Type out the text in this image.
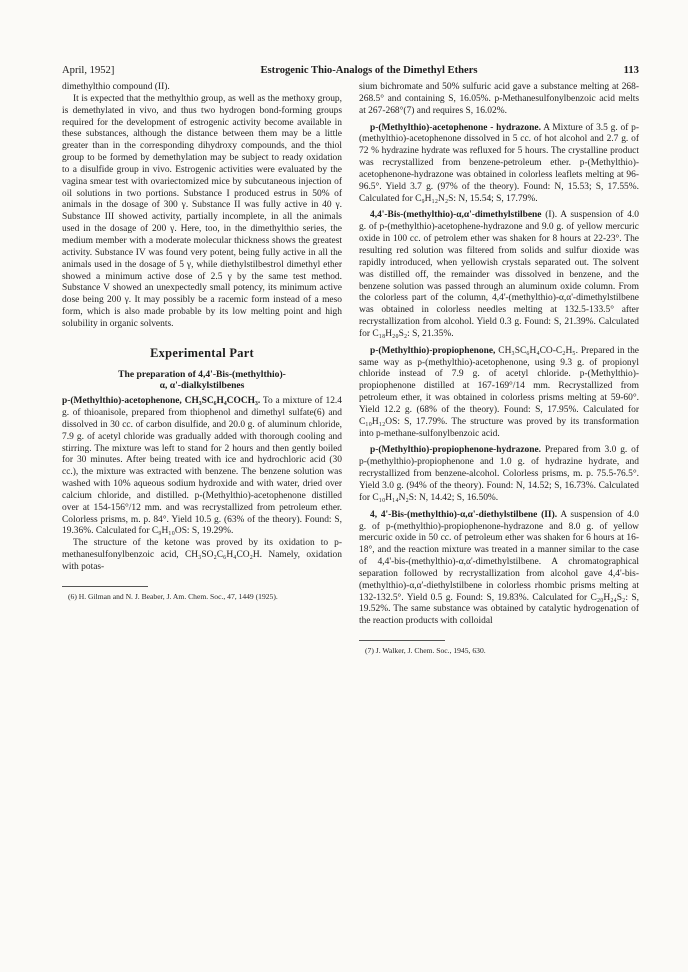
April, 1952]	Estrogenic Thio-Analogs of the Dimethyl Ethers	113

dimethylthio compound (II).

It is expected that the methylthio group, as well as the methoxy group, is demethylated in vivo, and thus two hydrogen bond-forming groups required for the development of estrogenic activity become available in these substances, although the distance between them may be a little greater than in the corresponding dihydroxy compounds, and the thiol group to be formed by demethylation may be subject to ready oxidation to a disulfide group in vivo. Estrogenic activities were evaluated by the vagina smear test with ovariectomized mice by subcutaneous injection of oil solutions in two portions. Substance I produced estrus in 50% of animals in the dosage of 300 γ. Substance II was fully active in 40 γ. Substance III showed activity, partially incomplete, in all the animals used in the dosage of 200 γ. Here, too, in the dimethylthio series, the medium member with a moderate molecular thickness shows the greatest activity. Substance IV was found very potent, being fully active in all the animals used in the dosage of 5 γ, while diethylstilbestrol dimethyl ether showed a minimum active dose of 2.5 γ by the same test method. Substance V showed an unexpectedly small potency, its minimum active dose being 200 γ. It may possibly be a racemic form instead of a meso form, which is also made probable by its low melting point and high solubility in organic solvents.

Experimental Part
The preparation of 4,4'-Bis-(methylthio)-
α, α'-dialkylstilbenes

p-(Methylthio)-acetophenone, CH₃SC₆H₄COCH₃. To a mixture of 12.4 g. of thioanisole, prepared from thiophenol and dimethyl sulfate(6) and dissolved in 30 cc. of carbon disulfide, and 20.0 g. of aluminum chloride, 7.9 g. of acetyl chloride was gradually added with thorough cooling and stirring. The mixture was left to stand for 2 hours and then gently boiled for 30 minutes. After being treated with ice and hydrochloric acid (30 cc.), the mixture was extracted with benzene. The benzene solution was washed with 10% aqueous sodium hydroxide and with water, dried over calcium chloride, and distilled. p-(Methylthio)-acetophenone distilled over at 154-156°/12 mm. and was recrystallized from petroleum ether. Colorless prisms, m. p. 84°. Yield 10.5 g. (63% of the theory). Found: S, 19.36%. Calculated for C₉H₁₀OS: S, 19.29%.

The structure of the ketone was proved by its oxidation to p-methanesulfonylbenzoic acid, CH₃SO₂C₆H₄CO₂H. Namely, oxidation with potas-

(6) H. Gilman and N. J. Beaber, J. Am. Chem. Soc., 47, 1449 (1925).

sium bichromate and 50% sulfuric acid gave a substance melting at 268-268.5° and containing S, 16.05%. p-Methanesulfonylbenzoic acid melts at 267-268°(7) and requires S, 16.02%.

p-(Methylthio)-acetophenone - hydrazone. A Mixture of 3.5 g. of p-(methylthio)-acetophenone dissolved in 5 cc. of hot alcohol and 2.7 g. of 72 % hydrazine hydrate was refluxed for 5 hours. The crystalline product was recrystallized from benzene-petroleum ether. p-(Methylthio)-acetophenone-hydrazone was obtained in colorless leaflets melting at 96-96.5°. Yield 3.7 g. (97% of the theory). Found: N, 15.53; S, 17.55%. Calculated for C₉H₁₂N₂S: N, 15.54; S, 17.79%.

4,4'-Bis-(methylthio)-α,α'-dimethylstilbene (I). A suspension of 4.0 g. of p-(methylthio)-acetophene-hydrazone and 9.0 g. of yellow mercuric oxide in 100 cc. of petrolem ether was shaken for 8 hours at 22-23°. The resulting red solution was filtered from solids and sulfur dioxide was rapidly introduced, when yellowish crystals separated out. The solvent was distilled off, the remainder was dissolved in benzene, and the benzene solution was passed through an aluminum oxide column. From the colorless part of the column, 4,4'-(methylthio)-α,α'-dimethylstilbene was obtained in colorless needles melting at 132.5-133.5° after recrystallization from alcohol. Yield 0.3 g. Found: S, 21.39%. Calculated for C₁₈H₂₀S₂: S, 21.35%.

p-(Methylthio)-propiophenone, CH₃SC₆H₄CO-C₂H₅. Prepared in the same way as p-(methylthio)-acetophenone, using 9.3 g. of propionyl chloride instead of 7.9 g. of acetyl chloride. p-(Methylthio)-propiophenone distilled at 167-169°/14 mm. Recrystallized from petroleum ether, it was obtained in colorless prisms melting at 59-60°. Yield 12.2 g. (68% of the theory). Found: S, 17.95%. Calculated for C₁₀H₁₂OS: S, 17.79%. The structure was proved by its transformation into p-methane-sulfonylbenzoic acid.

p-(Methylthio)-propiophenone-hydrazone. Prepared from 3.0 g. of p-(methylthio)-propiophenone and 1.0 g. of hydrazine hydrate, and recrystallized from benzene-alcohol. Colorless prisms, m. p. 75.5-76.5°. Yield 3.0 g. (94% of the theory). Found: N, 14.52; S, 16.73%. Calculated for C₁₀H₁₄N₂S: N, 14.42; S, 16.50%.

4, 4'-Bis-(methylthio)-α,α'-diethylstilbene (II). A suspension of 4.0 g. of p-(methylthio)-propiophenone-hydrazone and 8.0 g. of yellow mercuric oxide in 50 cc. of petroleum ether was shaken for 6 hours at 16-18°, and the reaction mixture was treated in a manner similar to the case of 4,4'-bis-(methylthio)-α,α'-dimethylstilbene. A chromatographical separation followed by recrystallization from alcohol gave 4,4'-bis-(methylthio)-α,α'-diethylstilbene in colorless rhombic prisms melting at 132-132.5°. Yield 0.5 g. Found: S, 19.83%. Calculated for C₂₀H₂₄S₂: S, 19.52%. The same substance was obtained by catalytic hydrogenation of the reaction products with colloidal

(7) J. Walker, J. Chem. Soc., 1945, 630.
